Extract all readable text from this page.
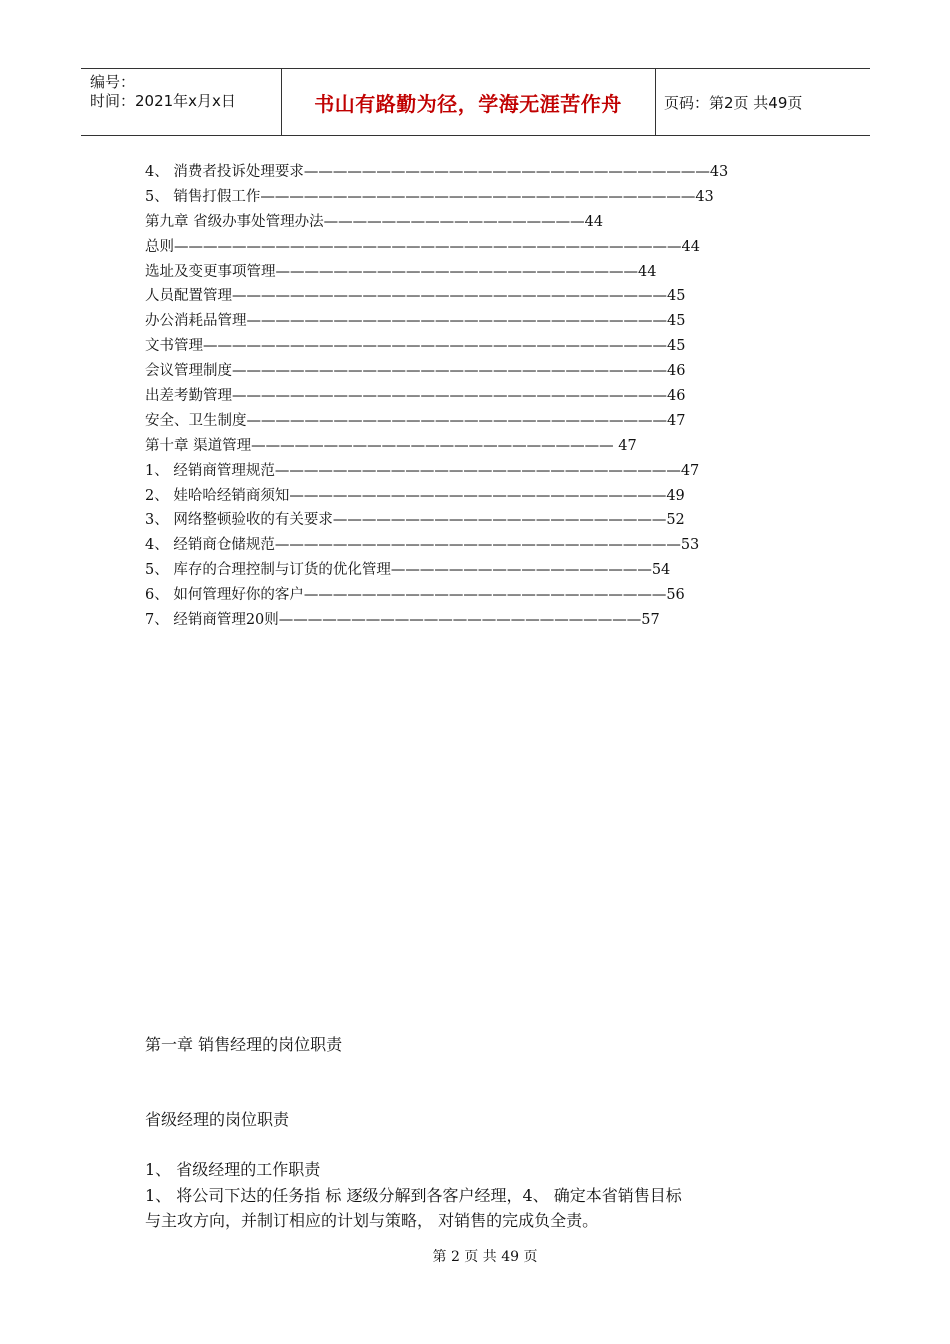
编号：
时间：2021年x月x日	书山有路勤为径，学海无涯苦作舟	页码：第2页 共49页
4、 消费者投诉处理要求————————————————————————————43
5、 销售打假工作——————————————————————————————43
第九章 省级办事处管理办法——————————————————44
总则———————————————————————————————————44
选址及变更事项管理—————————————————————————44
人员配置管理——————————————————————————————45
办公消耗品管理—————————————————————————————45
文书管理————————————————————————————————45
会议管理制度——————————————————————————————46
出差考勤管理——————————————————————————————46
安全、卫生制度—————————————————————————————47
第十章 渠道管理————————————————————————— 47
1、 经销商管理规范————————————————————————————47
2、 娃哈哈经销商须知——————————————————————————49
3、 网络整顿验收的有关要求———————————————————————52
4、 经销商仓储规范————————————————————————————53
5、 库存的合理控制与订货的优化管理——————————————————54
6、 如何管理好你的客户—————————————————————————56
7、 经销商管理20则—————————————————————————57
第一章 销售经理的岗位职责
省级经理的岗位职责
1、 省级经理的工作职责
1、 将公司下达的任务指 标 逐级分解到各客户经理，4、 确定本省销售目标
与主攻方向，并制订相应的计划与策略， 对销售的完成负全责。
第 2 页 共 49 页
